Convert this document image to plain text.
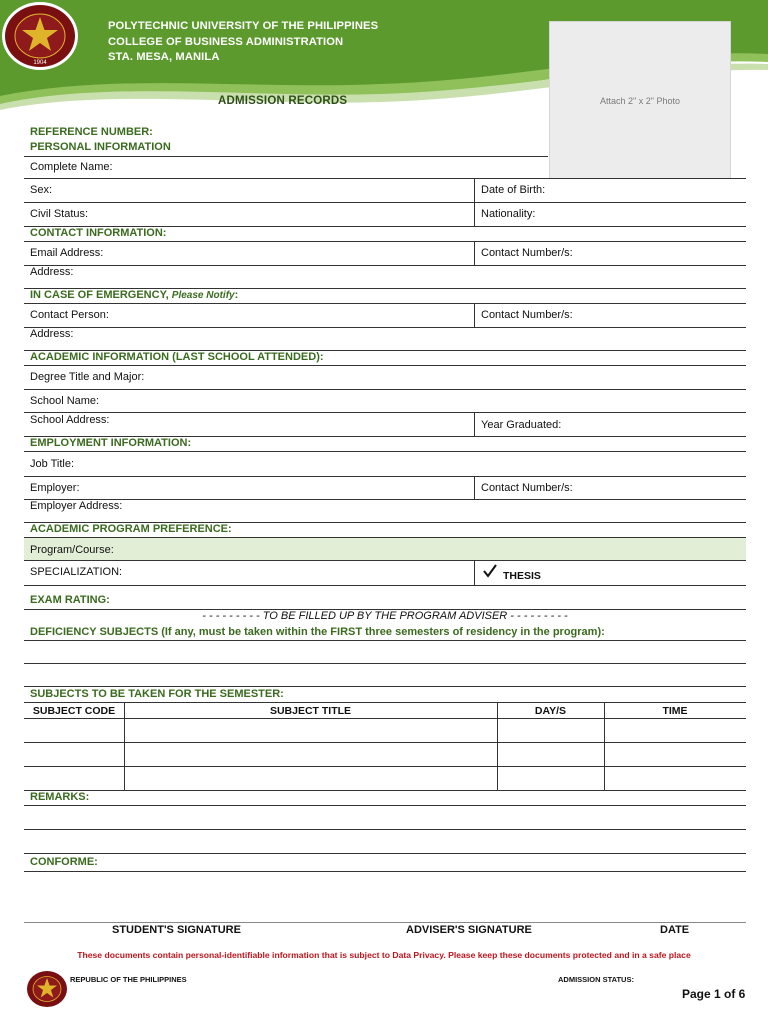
1904
POLYTECHNIC UNIVERSITY OF THE PHILIPPINES
COLLEGE OF BUSINESS ADMINISTRATION
STA. MESA, MANILA
Attach 2" x 2" Photo
ADMISSION RECORDS
REFERENCE NUMBER:
PERSONAL INFORMATION
Complete Name:
Sex:	Date of Birth:
Civil Status:	Nationality:
CONTACT INFORMATION:
Email Address:	Contact Number/s:
Address:
IN CASE OF EMERGENCY, Please Notify:
Contact Person:	Contact Number/s:
Address:
ACADEMIC INFORMATION (LAST SCHOOL ATTENDED):
Degree Title and Major:
School Name:
School Address:	Year Graduated:
EMPLOYMENT INFORMATION:
Job Title:
Employer:	Contact Number/s:
Employer Address:
ACADEMIC PROGRAM PREFERENCE:
Program/Course:
SPECIALIZATION:	THESIS
EXAM RATING:
- - - - - - - - - TO BE FILLED UP BY THE PROGRAM ADVISER - - - - - - - - -
DEFICIENCY SUBJECTS (If any, must be taken within the FIRST three semesters of residency in the program):
SUBJECTS TO BE TAKEN FOR THE SEMESTER:
SUBJECT CODE	SUBJECT TITLE	DAY/S	TIME
REMARKS:
CONFORME:
STUDENT'S SIGNATURE	ADVISER'S SIGNATURE	DATE
These documents contain personal-identifiable information that is subject to Data Privacy. Please keep these documents protected and in a safe place
REPUBLIC OF THE PHILIPPINES	ADMISSION STATUS:
Page 1 of 6
